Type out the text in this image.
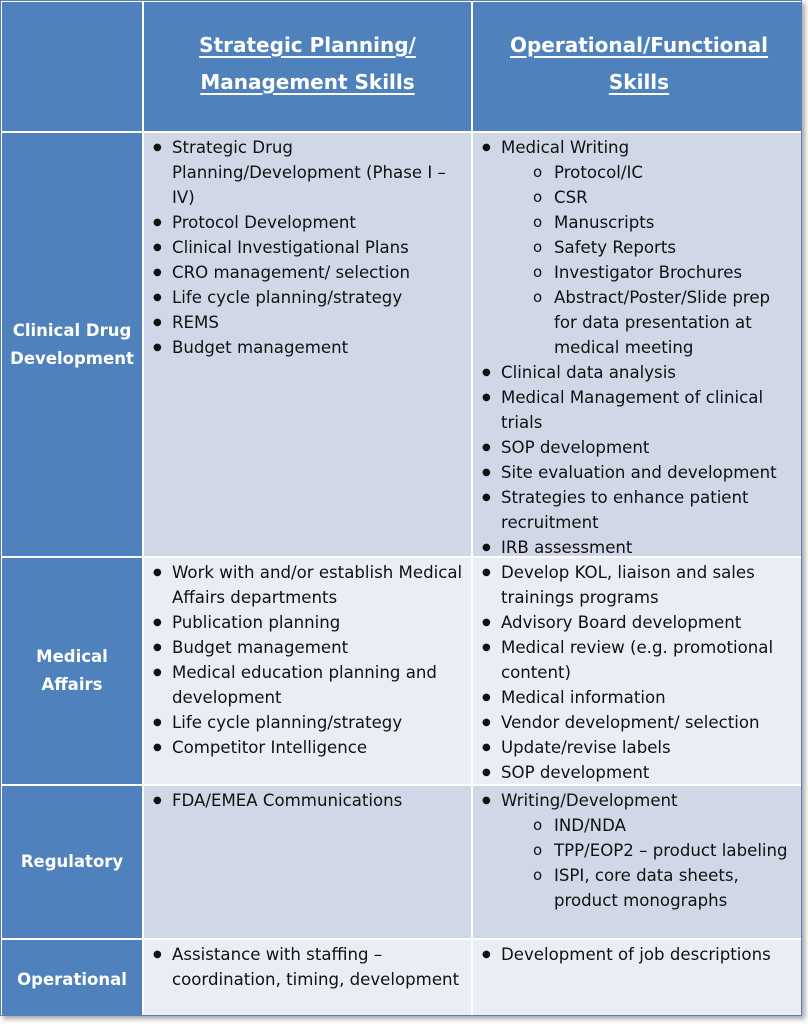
Strategic Planning/
Management Skills
Operational/Functional
Skills
Clinical Drug
Development
● Strategic Drug Planning/Development (Phase I – IV)
● Protocol Development
● Clinical Investigational Plans
● CRO management/ selection
● Life cycle planning/strategy
● REMS
● Budget management
● Medical Writing
o Protocol/IC
o CSR
o Manuscripts
o Safety Reports
o Investigator Brochures
o Abstract/Poster/Slide prep for data presentation at medical meeting
● Clinical data analysis
● Medical Management of clinical trials
● SOP development
● Site evaluation and development
● Strategies to enhance patient recruitment
● IRB assessment
Medical
Affairs
● Work with and/or establish Medical Affairs departments
● Publication planning
● Budget management
● Medical education planning and development
● Life cycle planning/strategy
● Competitor Intelligence
● Develop KOL, liaison and sales trainings programs
● Advisory Board development
● Medical review (e.g. promotional content)
● Medical information
● Vendor development/ selection
● Update/revise labels
● SOP development
Regulatory
● FDA/EMEA Communications
●	Writing/Development
o IND/NDA
o TPP/EOP2 – product labeling
o ISPI, core data sheets, product monographs
Operational
● Assistance with staffing – coordination, timing, development
● Development of job descriptions
